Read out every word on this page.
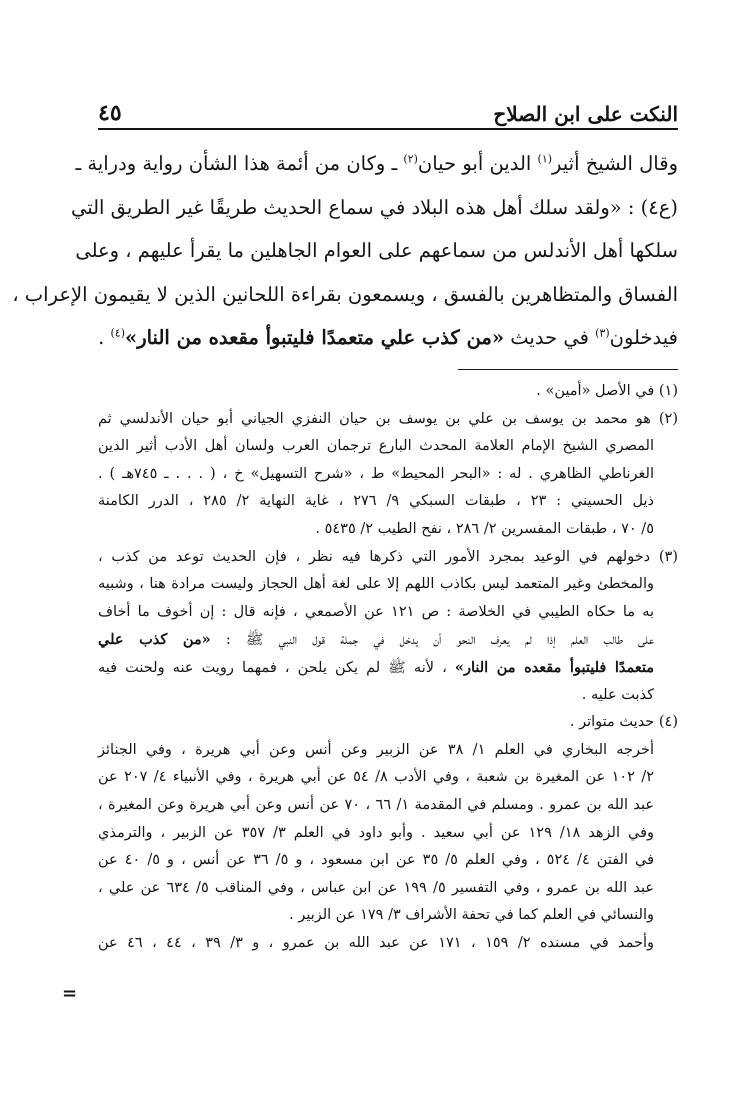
النكت على ابن الصلاح
٤٥
وقال الشيخ أثير$^{(١)}$ الدين أبو حيان$^{(٢)}$ ـ وكان من أئمة هذا الشأن رواية ودراية ـ
(ع٤) : «ولقد سلك أهل هذه البلاد في سماع الحديث طريقًا غير الطريق التي
سلكها أهل الأندلس من سماعهم على العوام الجاهلين ما يقرأ عليهم ، وعلى
الفساق والمتظاهرين بالفسق ، ويسمعون بقراءة اللحانين الذين لا يقيمون الإعراب ،
فيدخلون$^{(٣)}$ في حديث «من كذب علي متعمدًا فليتبوأ مقعده من النار»$^{(٤)}$ .
(١) في الأصل «أمين» .
(٢) هو محمد بن يوسف بن علي بن يوسف بن حيان النفزي الجياني أبو حيان الأندلسي ثم
المصري الشيخ الإمام العلامة المحدث البارع ترجمان العرب ولسان أهل الأدب أثير الدين
الغرناطي الظاهري . له : «البحر المحيط» ط ، «شرح التسهيل» خ ، ( . . . ـ ٧٤٥هـ ) .
ذيل الحسيني : ٢٣ ، طبقات السبكي ٩/ ٢٧٦ ، غاية النهاية ٢/ ٢٨٥ ، الدرر الكامنة
٥/ ٧٠ ، طبقات المفسرين ٢/ ٢٨٦ ، نفح الطيب ٢/ ٥٤٣٥ .
(٣) دخولهم في الوعيد بمجرد الأمور التي ذكرها فيه نظر ، فإن الحديث توعد من كذب ،
والمخطئ وغير المتعمد ليس بكاذب اللهم إلا على لغة أهل الحجاز وليست مرادة هنا ، وشبيه
به ما حكاه الطيبي في الخلاصة : ص ١٢١ عن الأصمعي ، فإنه قال : إن أخوف ما أخاف
على طالب العلم إذا لم يعرف النحو أن يدخل في جملة قول النبي ﷺ : «من كذب علي
متعمدًا فليتبوأ مقعده من النار» ، لأنه ﷺ لم يكن يلحن ، فمهما رويت عنه ولحنت فيه
كذبت عليه .
(٤) حديث متواتر .
أخرجه البخاري في العلم ١/ ٣٨ عن الزبير وعن أنس وعن أبي هريرة ، وفي الجنائز
٢/ ١٠٢ عن المغيرة بن شعبة ، وفي الأدب ٨/ ٥٤ عن أبي هريرة ، وفي الأنبياء ٤/ ٢٠٧ عن
عبد الله بن عمرو . ومسلم في المقدمة ١/ ٦٦ ، ٧٠ عن أنس وعن أبي هريرة وعن المغيرة ،
وفي الزهد ١٨/ ١٢٩ عن أبي سعيد . وأبو داود في العلم ٣/ ٣٥٧ عن الزبير ، والترمذي
في الفتن ٤/ ٥٢٤ ، وفي العلم ٥/ ٣٥ عن ابن مسعود ، و ٥/ ٣٦ عن أنس ، و ٥/ ٤٠ عن
عبد الله بن عمرو ، وفي التفسير ٥/ ١٩٩ عن ابن عباس ، وفي المناقب ٥/ ٦٣٤ عن علي ،
والنسائي في العلم كما في تحفة الأشراف ٣/ ١٧٩ عن الزبير .
وأحمد في مسنده ٢/ ١٥٩ ، ١٧١ عن عبد الله بن عمرو ، و ٣/ ٣٩ ، ٤٤ ، ٤٦ عن
=
